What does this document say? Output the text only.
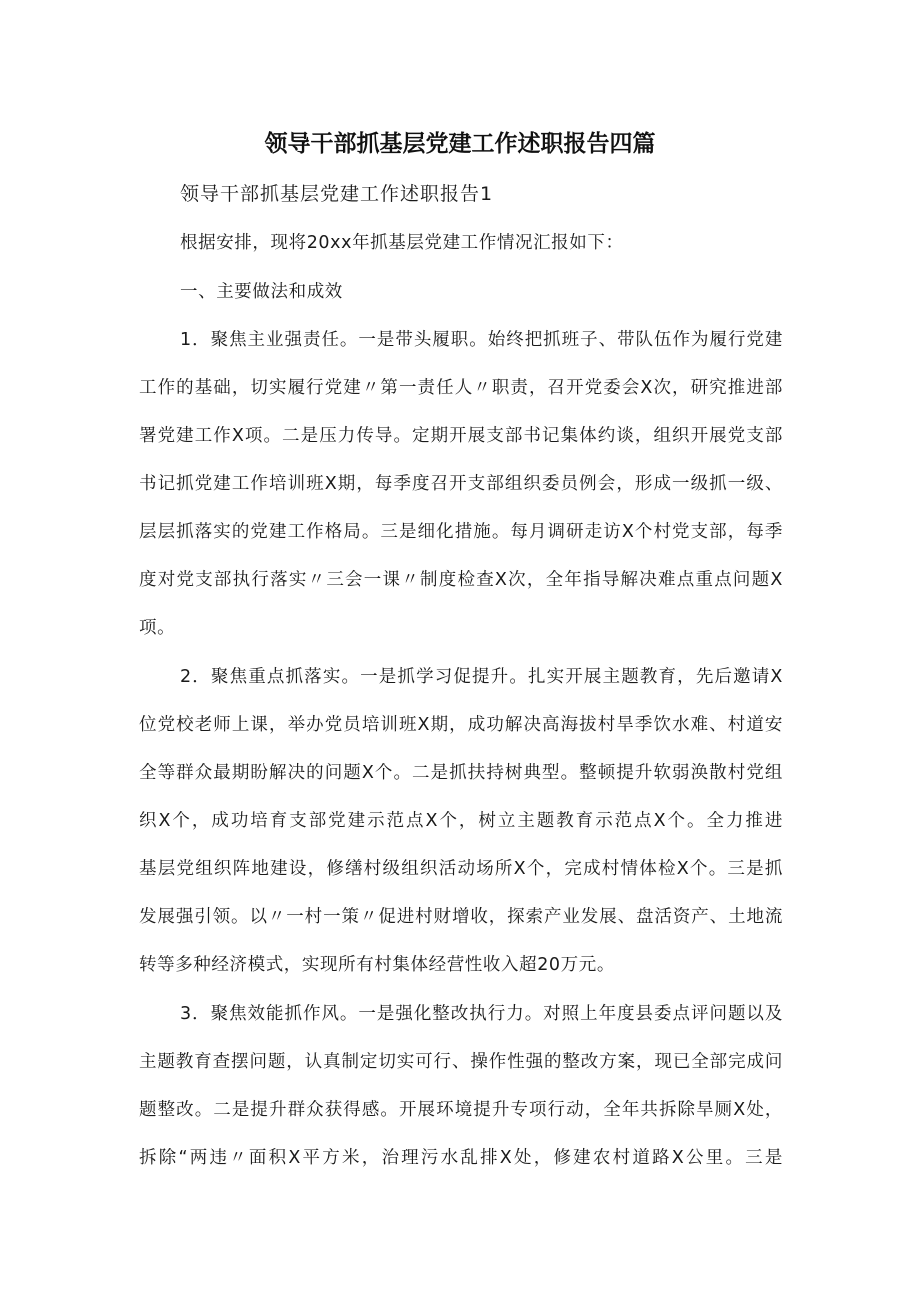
领导干部抓基层党建工作述职报告四篇
领导干部抓基层党建工作述职报告1
根据安排，现将20xx年抓基层党建工作情况汇报如下：
一、主要做法和成效
1．聚焦主业强责任。一是带头履职。始终把抓班子、带队伍作为履行党建
工作的基础，切实履行党建〃第一责任人〃职责，召开党委会X次，研究推进部
署党建工作X项。二是压力传导。定期开展支部书记集体约谈，组织开展党支部
书记抓党建工作培训班X期，每季度召开支部组织委员例会，形成一级抓一级、
层层抓落实的党建工作格局。三是细化措施。每月调研走访X个村党支部，每季
度对党支部执行落实〃三会一课〃制度检查X次，全年指导解决难点重点问题X
项。
2．聚焦重点抓落实。一是抓学习促提升。扎实开展主题教育，先后邀请X
位党校老师上课，举办党员培训班X期，成功解决高海拔村旱季饮水难、村道安
全等群众最期盼解决的问题X个。二是抓扶持树典型。整顿提升软弱涣散村党组
织X个，成功培育支部党建示范点X个，树立主题教育示范点X个。全力推进
基层党组织阵地建设，修缮村级组织活动场所X个，完成村情体检X个。三是抓
发展强引领。以〃一村一策〃促进村财增收，探索产业发展、盘活资产、土地流
转等多种经济模式，实现所有村集体经营性收入超20万元。
3．聚焦效能抓作风。一是强化整改执行力。对照上年度县委点评问题以及
主题教育查摆问题，认真制定切实可行、操作性强的整改方案，现已全部完成问
题整改。二是提升群众获得感。开展环境提升专项行动，全年共拆除旱厕X处，
拆除“两违〃面积X平方米，治理污水乱排X处，修建农村道路X公里。三是
